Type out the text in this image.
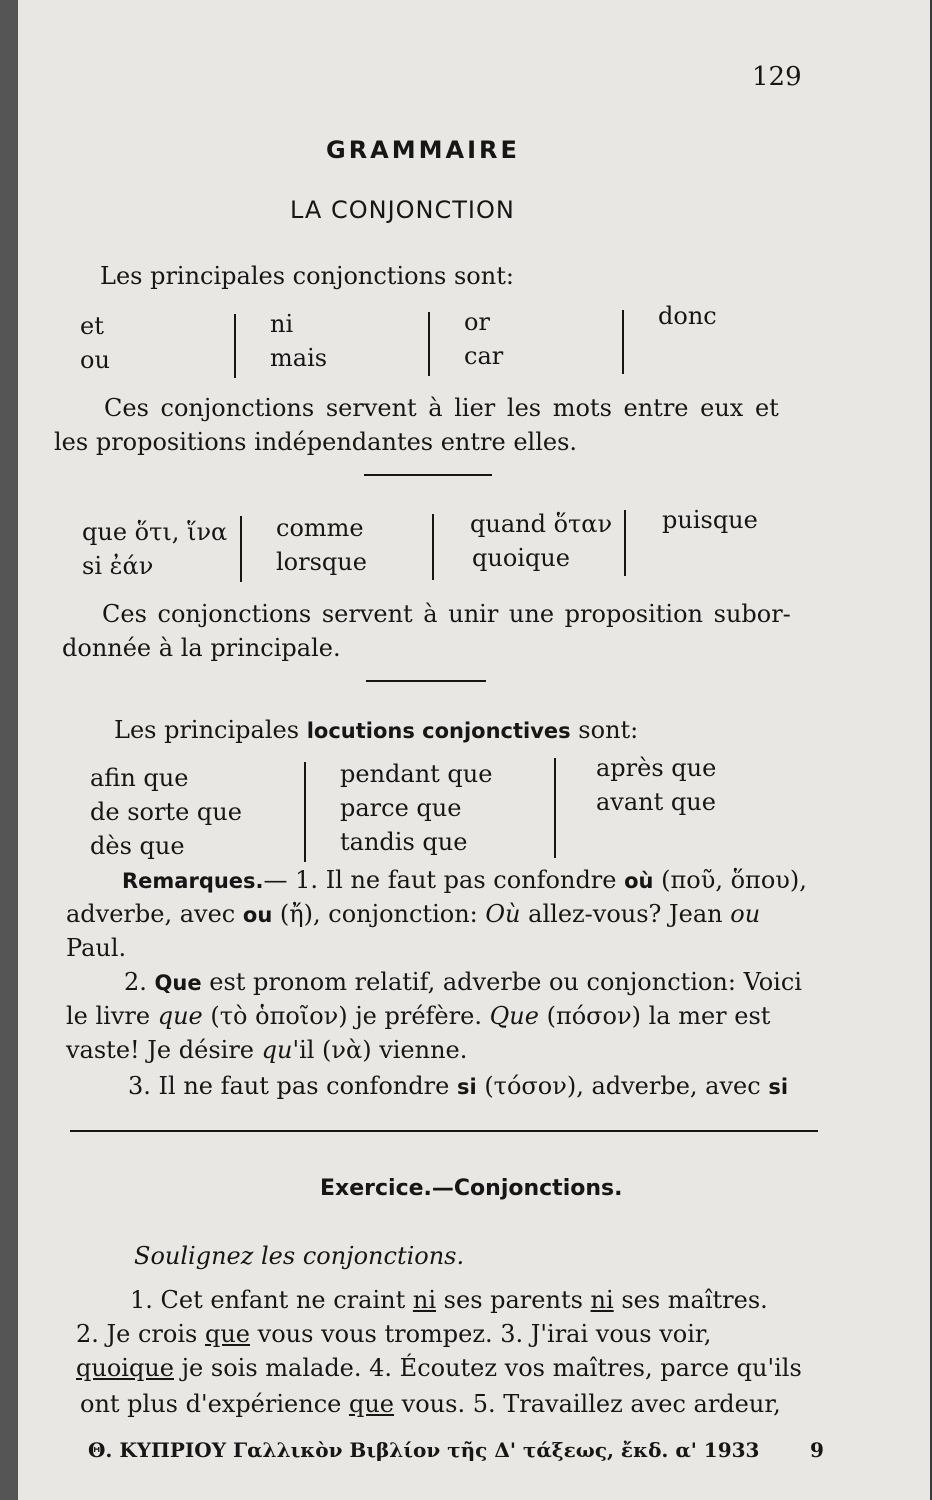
129
GRAMMAIRE
LA CONJONCTION
Les principales conjonctions sont:
et
ou
ni
mais
or
car
donc
Ces conjonctions servent à lier les mots entre eux et
les propositions indépendantes entre elles.
que ὅτι, ἵνα
si ἐάν
comme
lorsque
quand ὅταν
quoique
puisque
Ces conjonctions servent à unir une proposition subor-
donnée à la principale.
Les principales locutions conjonctives sont:
afin que
de sorte que
dès que
pendant que
parce que
tandis que
après que
avant que
Remarques.— 1. Il ne faut pas confondre où (ποῦ, ὅπου),
adverbe, avec ou (ἤ), conjonction: Où allez-vous? Jean ou
Paul.
2. Que est pronom relatif, adverbe ou conjonction: Voici
le livre que (τὸ ὁποῖον) je préfère. Que (πόσον) la mer est
vaste! Je désire qu'il (νὰ) vienne.
3. Il ne faut pas confondre si (τόσον), adverbe, avec si
Exercice.—Conjonctions.
Soulignez les conjonctions.
1. Cet enfant ne craint ni ses parents ni ses maîtres.
2. Je crois que vous vous trompez. 3. J'irai vous voir,
quoique je sois malade. 4. Écoutez vos maîtres, parce qu'ils
ont plus d'expérience que vous. 5. Travaillez avec ardeur,
Θ. ΚΥΠΡΙΟΥ Γαλλικὸν Βιβλίον τῆς Δ' τάξεως, ἔκδ. α' 1933	9
